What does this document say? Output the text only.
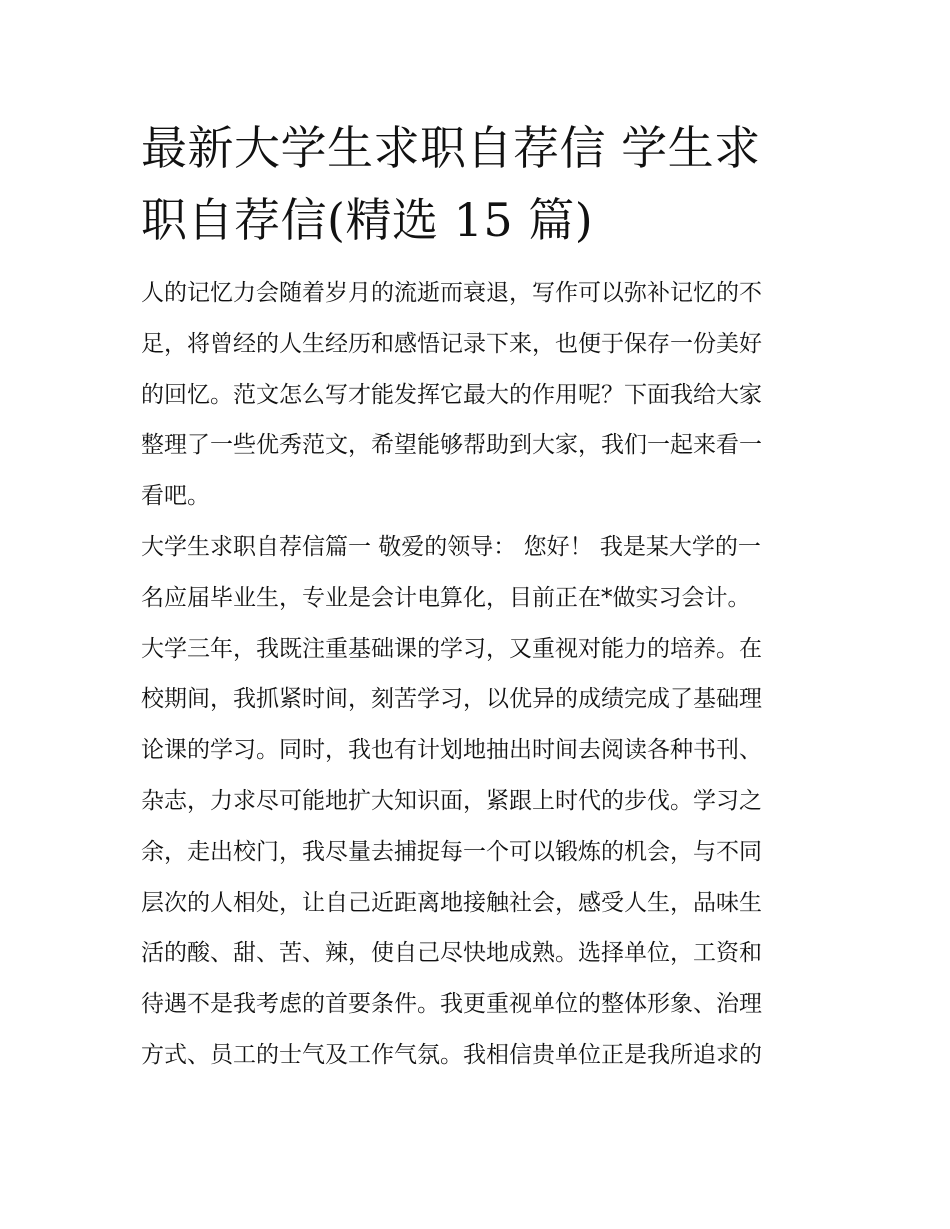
最新大学生求职自荐信 学生求
职自荐信(精选 15 篇)

人的记忆力会随着岁月的流逝而衰退，写作可以弥补记忆的不
足，将曾经的人生经历和感悟记录下来，也便于保存一份美好
的回忆。范文怎么写才能发挥它最大的作用呢？下面我给大家
整理了一些优秀范文，希望能够帮助到大家，我们一起来看一
看吧。

大学生求职自荐信篇一 敬爱的领导： 您好！ 我是某大学的一
名应届毕业生，专业是会计电算化，目前正在*做实习会计。
大学三年，我既注重基础课的学习，又重视对能力的培养。在
校期间，我抓紧时间，刻苦学习，以优异的成绩完成了基础理
论课的学习。同时，我也有计划地抽出时间去阅读各种书刊、
杂志，力求尽可能地扩大知识面，紧跟上时代的步伐。学习之
余，走出校门，我尽量去捕捉每一个可以锻炼的机会，与不同
层次的人相处，让自己近距离地接触社会，感受人生，品味生
活的酸、甜、苦、辣，使自己尽快地成熟。选择单位，工资和
待遇不是我考虑的首要条件。我更重视单位的整体形象、治理
方式、员工的士气及工作气氛。我相信贵单位正是我所追求的
